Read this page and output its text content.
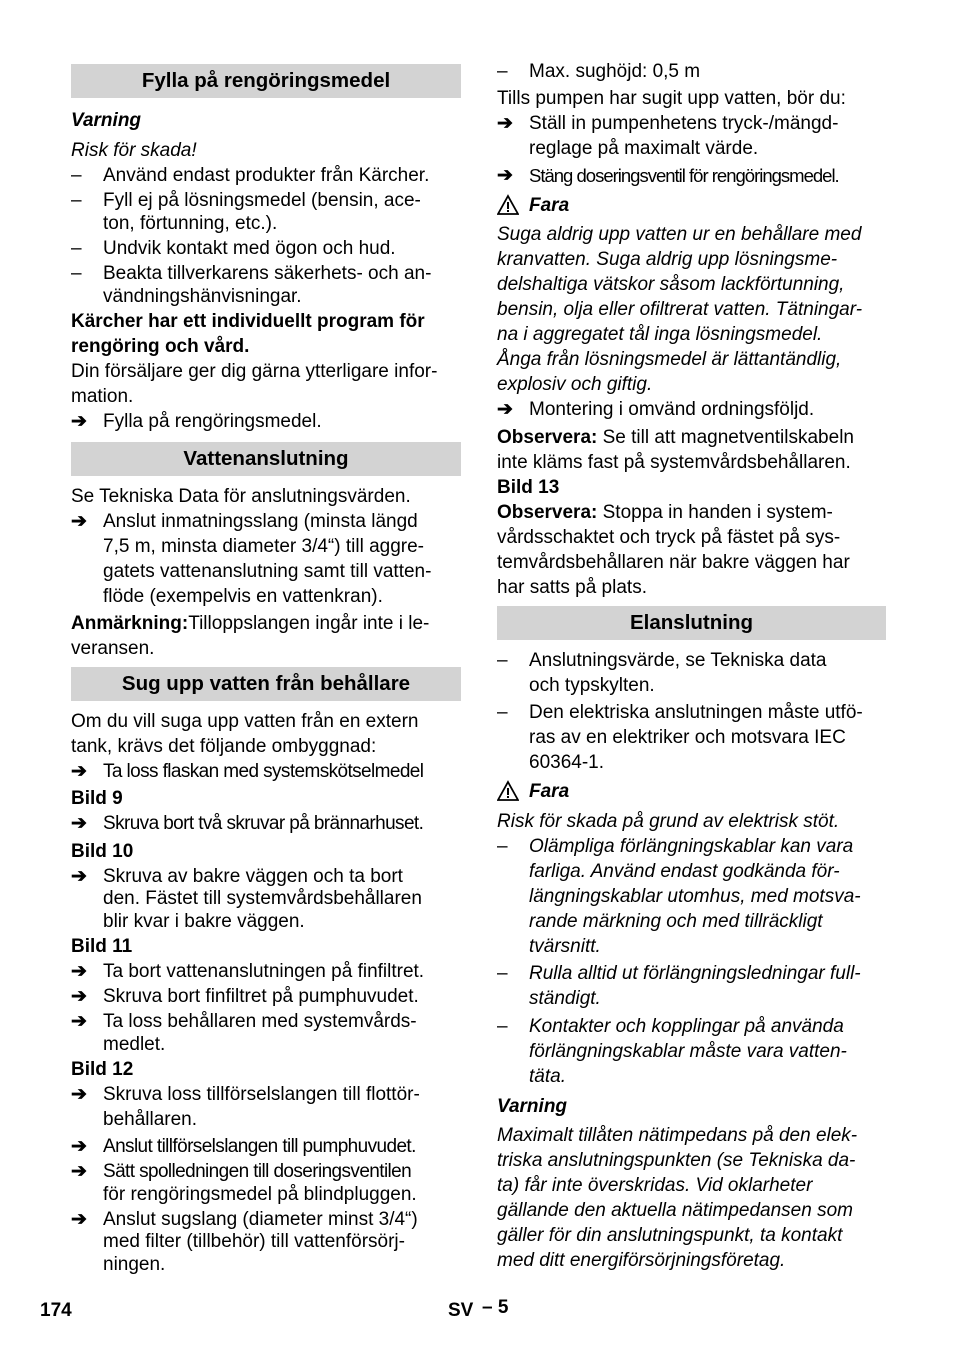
Fylla på rengöringsmedel
Varning
Risk för skada!
– Använd endast produkter från Kärcher.
– Fyll ej på lösningsmedel (bensin, ace-
ton, förtunning, etc.).
– Undvik kontakt med ögon och hud.
– Beakta tillverkarens säkerhets- och an-
vändningshänvisningar.
Kärcher har ett individuellt program för
rengöring och vård.
Din försäljare ger dig gärna ytterligare infor-
mation.
➔ Fylla på rengöringsmedel.
Vattenanslutning
Se Tekniska Data för anslutningsvärden.
➔ Anslut inmatningsslang (minsta längd
7,5 m, minsta diameter 3/4“) till aggre-
gatets vattenanslutning samt till vatten-
flöde (exempelvis en vattenkran).
Anmärkning:Tilloppslangen ingår inte i le-
veransen.
Sug upp vatten från behållare
Om du vill suga upp vatten från en extern
tank, krävs det följande ombyggnad:
➔ Ta loss flaskan med systemskötselmedel
Bild 9
➔ Skruva bort två skruvar på brännarhuset.
Bild 10
➔ Skruva av bakre väggen och ta bort
den. Fästet till systemvårdsbehållaren
blir kvar i bakre väggen.
Bild 11
➔ Ta bort vattenanslutningen på finfiltret.
➔ Skruva bort finfiltret på pumphuvudet.
➔ Ta loss behållaren med systemvårds-
medlet.
Bild 12
➔ Skruva loss tillförselslangen till flottör-
behållaren.
➔ Anslut tillförselslangen till pumphuvudet.
➔ Sätt spolledningen till doseringsventilen
för rengöringsmedel på blindpluggen.
➔ Anslut sugslang (diameter minst 3/4“)
med filter (tillbehör) till vattenförsörj-
ningen.
– Max. sughöjd: 0,5 m
Tills pumpen har sugit upp vatten, bör du:
➔ Ställ in pumpenhetens tryck-/mängd-
reglage på maximalt värde.
➔ Stäng doseringsventil för rengöringsmedel.
Fara
Suga aldrig upp vatten ur en behållare med
kranvatten. Suga aldrig upp lösningsme-
delshaltiga vätskor såsom lackförtunning,
bensin, olja eller ofiltrerat vatten. Tätningar-
na i aggregatet tål inga lösningsmedel.
Ånga från lösningsmedel är lättantändlig,
explosiv och giftig.
➔ Montering i omvänd ordningsföljd.
Observera: Se till att magnetventilskabeln
inte kläms fast på systemvårdsbehållaren.
Bild 13
Observera: Stoppa in handen i system-
vårdsschaktet och tryck på fästet på sys-
temvårdsbehållaren när bakre väggen har
har satts på plats.
Elanslutning
– Anslutningsvärde, se Tekniska data
och typskylten.
– Den elektriska anslutningen måste utfö-
ras av en elektriker och motsvara IEC
60364-1.
Fara
Risk för skada på grund av elektrisk stöt.
– Olämpliga förlängningskablar kan vara
farliga. Använd endast godkända för-
längningskablar utomhus, med motsva-
rande märkning och med tillräckligt
tvärsnitt.
– Rulla alltid ut förlängningsledningar full-
ständigt.
– Kontakter och kopplingar på använda
förlängningskablar måste vara vatten-
täta.
Varning
Maximalt tillåten nätimpedans på den elek-
triska anslutningspunkten (se Tekniska da-
ta) får inte överskridas. Vid oklarheter
gällande den aktuella nätimpedansen som
gäller för din anslutningspunkt, ta kontakt
med ditt energiförsörjningsföretag.
174	SV – 5
